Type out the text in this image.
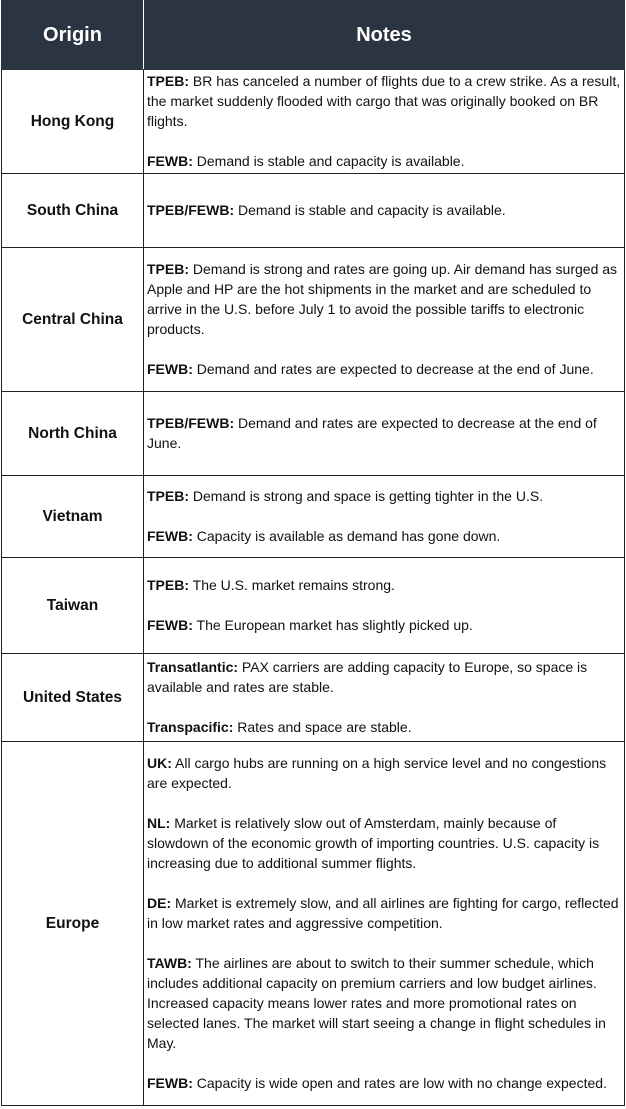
Origin	Notes
Hong Kong	TPEB: BR has canceled a number of flights due to a crew strike. As a result, the market suddenly flooded with cargo that was originally booked on BR flights.
FEWB: Demand is stable and capacity is available.

South China	TPEB/FEWB: Demand is stable and capacity is available.

Central China	TPEB: Demand is strong and rates are going up. Air demand has surged as Apple and HP are the hot shipments in the market and are scheduled to arrive in the U.S. before July 1 to avoid the possible tariffs to electronic products.
FEWB: Demand and rates are expected to decrease at the end of June.

North China	TPEB/FEWB: Demand and rates are expected to decrease at the end of June.

Vietnam	TPEB: Demand is strong and space is getting tighter in the U.S.
FEWB: Capacity is available as demand has gone down.

Taiwan	TPEB: The U.S. market remains strong.
FEWB: The European market has slightly picked up.

United States	Transatlantic: PAX carriers are adding capacity to Europe, so space is available and rates are stable.
Transpacific: Rates and space are stable.

Europe	UK: All cargo hubs are running on a high service level and no congestions are expected.
NL: Market is relatively slow out of Amsterdam, mainly because of slowdown of the economic growth of importing countries. U.S. capacity is increasing due to additional summer flights.
DE: Market is extremely slow, and all airlines are fighting for cargo, reflected in low market rates and aggressive competition.
TAWB: The airlines are about to switch to their summer schedule, which includes additional capacity on premium carriers and low budget airlines. Increased capacity means lower rates and more promotional rates on selected lanes. The market will start seeing a change in flight schedules in May.
FEWB: Capacity is wide open and rates are low with no change expected.
